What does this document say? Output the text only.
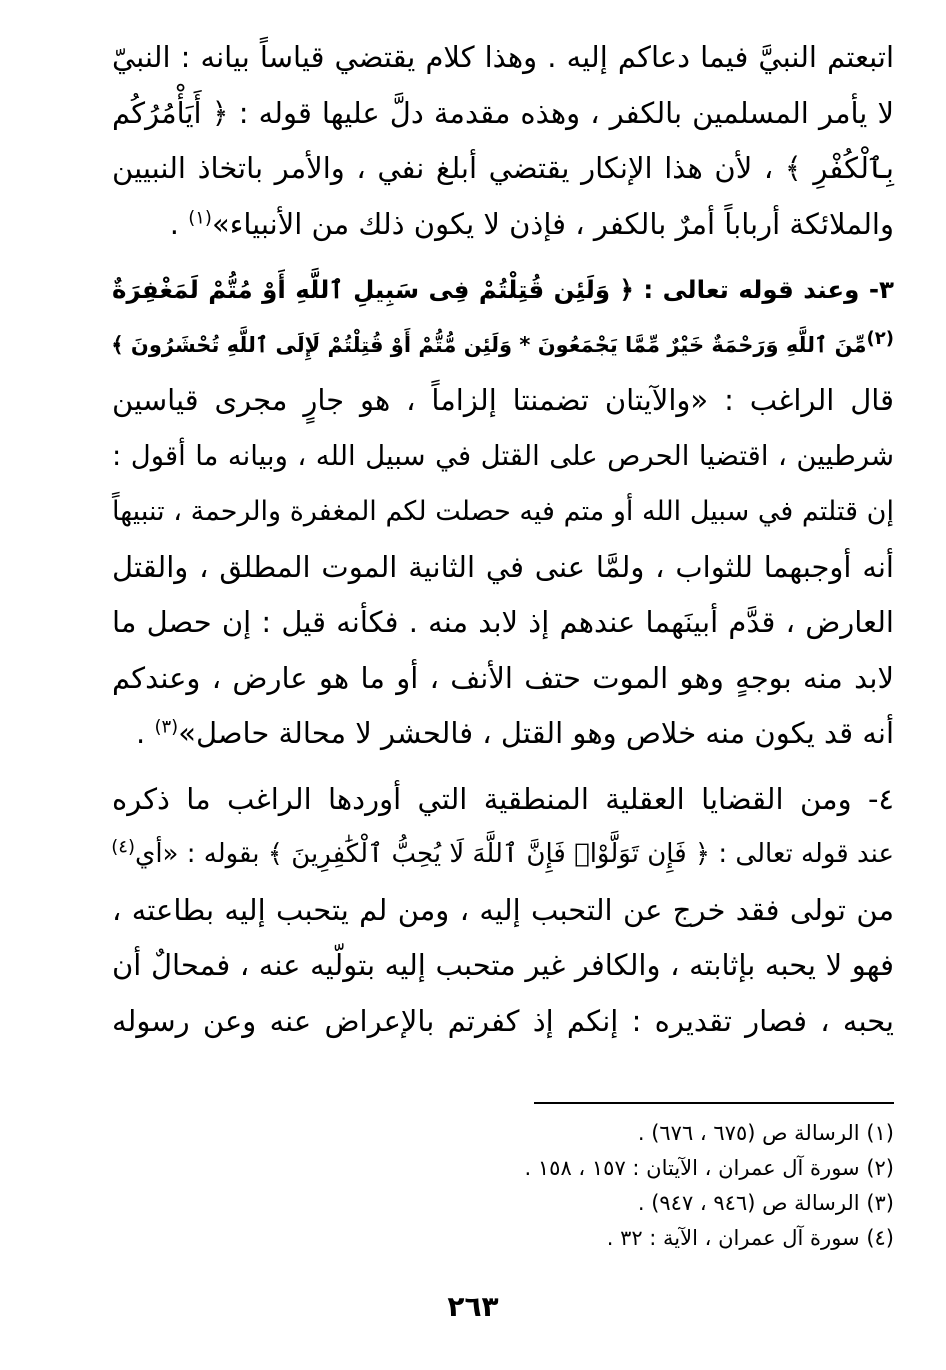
اتبعتم النبيَّ فيما دعاكم إليه . وهذا كلام يقتضي قياساً بيانه : النبيّ
لا يأمر المسلمين بالكفر ، وهذه مقدمة دلَّ عليها قوله : ﴿ أَيَأْمُرُكُم
بِٱلْكُفْرِ ﴾ ، لأن هذا الإنكار يقتضي أبلغ نفي ، والأمر باتخاذ النبيين
والملائكة أرباباً أمرٌ بالكفر ، فإذن لا يكون ذلك من الأنبياء»$^{(١)}$ .

٣- وعند قوله تعالى : ﴿ وَلَئِن قُتِلْتُمْ فِى سَبِيلِ ٱللَّهِ أَوْ مُتُّمْ لَمَغْفِرَةٌ
(٢)مِّنَ ٱللَّهِ وَرَحْمَةٌ خَيْرٌ مِّمَّا يَجْمَعُونَ * وَلَئِن مُّتُّمْ أَوْ قُتِلْتُمْ لَإِلَى ٱللَّهِ تُحْشَرُونَ ﴾
قال الراغب : «والآيتان تضمنتا إلزاماً ، هو جارٍ مجرى قياسين
شرطيين ، اقتضيا الحرص على القتل في سبيل الله ، وبيانه ما أقول :
إن قتلتم في سبيل الله أو متم فيه حصلت لكم المغفرة والرحمة ، تنبيهاً
أنه أوجبهما للثواب ، ولمَّا عنى في الثانية الموت المطلق ، والقتل
العارض ، قدَّم أبينَهما عندهم إذ لابد منه . فكأنه قيل : إن حصل ما
لابد منه بوجهٍ وهو الموت حتف الأنف ، أو ما هو عارض ، وعندكم
أنه قد يكون منه خلاص وهو القتل ، فالحشر لا محالة حاصل»$^{(٣)}$ .

٤- ومن القضايا العقلية المنطقية التي أوردها الراغب ما ذكره
عند قوله تعالى : ﴿ فَإِن تَوَلَّوْا۟ فَإِنَّ ٱللَّهَ لَا يُحِبُّ ٱلْكَٰفِرِينَ ﴾ بقوله : «أي$^{(٤)}$
من تولى فقد خرج عن التحبب إليه ، ومن لم يتحبب إليه بطاعته ،
فهو لا يحبه بإثابته ، والكافر غير متحبب إليه بتولّيه عنه ، فمحالٌ أن
يحبه ، فصار تقديره : إنكم إذ كفرتم بالإعراض عنه وعن رسوله

(١) الرسالة ص (٦٧٥ ، ٦٧٦) .
(٢) سورة آل عمران ، الآيتان : ١٥٧ ، ١٥٨ .
(٣) الرسالة ص (٩٤٦ ، ٩٤٧) .
(٤) سورة آل عمران ، الآية : ٣٢ .
٢٦٣
